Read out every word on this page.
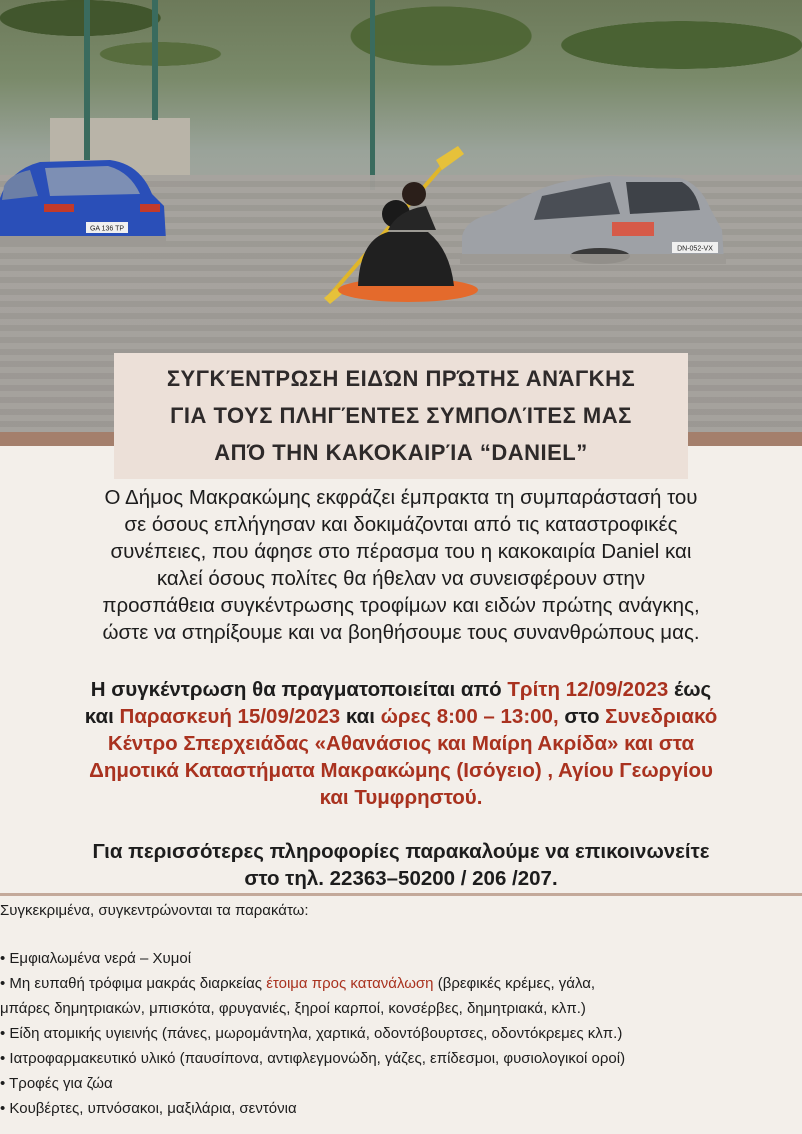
GA 136 TP
DN-052-VX
ΣΥΓΚΈΝΤΡΩΣΗ ΕΙΔΏΝ ΠΡΏΤΗΣ ΑΝΆΓΚΗΣ
ΓΙΑ ΤΟΥΣ ΠΛΗΓΈΝΤΕΣ ΣΥΜΠΟΛΊΤΕΣ ΜΑΣ
ΑΠΌ ΤΗΝ ΚΑΚΟΚΑΙΡΊΑ “DANIEL”
Ο Δήμος Μακρακώμης εκφράζει έμπρακτα τη συμπαράστασή του
σε όσους επλήγησαν και δοκιμάζονται από τις καταστροφικές
συνέπειες, που άφησε στο πέρασμα του η κακοκαιρία Daniel και
καλεί όσους πολίτες θα ήθελαν να συνεισφέρουν στην
προσπάθεια συγκέντρωσης τροφίμων και ειδών πρώτης ανάγκης,
ώστε να στηρίξουμε και να βοηθήσουμε τους συνανθρώπους μας.
Η συγκέντρωση θα πραγματοποιείται από Τρίτη 12/09/2023 έως
και Παρασκευή 15/09/2023 και ώρες 8:00 – 13:00, στο Συνεδριακό
Κέντρο Σπερχειάδας «Αθανάσιος και Μαίρη Ακρίδα» και στα
Δημοτικά Καταστήματα Μακρακώμης (Ισόγειο) , Αγίου Γεωργίου
και Τυμφρηστού.
Για περισσότερες πληροφορίες παρακαλούμε να επικοινωνείτε
στο τηλ. 22363–50200 / 206 /207.
Συγκεκριμένα, συγκεντρώνονται τα παρακάτω:
• Εμφιαλωμένα νερά – Χυμοί
• Μη ευπαθή τρόφιμα μακράς διαρκείας έτοιμα προς κατανάλωση (βρεφικές κρέμες, γάλα,
μπάρες δημητριακών, μπισκότα, φρυγανιές, ξηροί καρποί, κονσέρβες, δημητριακά, κλπ.)
• Είδη ατομικής υγιεινής (πάνες, μωρομάντηλα, χαρτικά, οδοντόβουρτσες, οδοντόκρεμες κλπ.)
• Ιατροφαρμακευτικό υλικό (παυσίπονα, αντιφλεγμονώδη, γάζες, επίδεσμοι, φυσιολογικοί οροί)
• Τροφές για ζώα
• Κουβέρτες, υπνόσακοι, μαξιλάρια, σεντόνια
